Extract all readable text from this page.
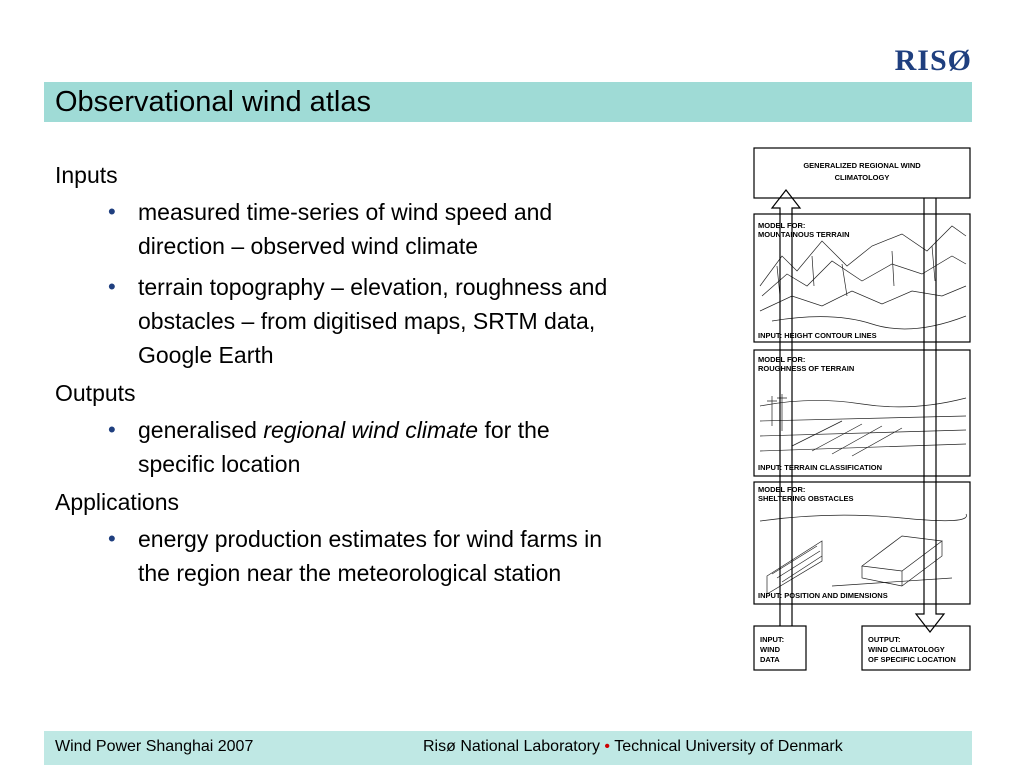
RISØ
Observational wind atlas
Inputs
• measured time-series of wind speed and
direction – observed wind climate
• terrain topography – elevation, roughness and
obstacles – from digitised maps, SRTM data,
Google Earth
Outputs
• generalised regional wind climate for the
specific location
Applications
• energy production estimates for wind farms in
the region near the meteorological station
GENERALIZED REGIONAL WIND
CLIMATOLOGY
MODEL FOR:
MOUNTAINOUS TERRAIN
INPUT: HEIGHT CONTOUR LINES
MODEL FOR:
ROUGHNESS OF TERRAIN
INPUT: TERRAIN CLASSIFICATION
MODEL FOR:
SHELTERING OBSTACLES
INPUT: POSITION AND DIMENSIONS
INPUT:
WIND
DATA
OUTPUT:
WIND CLIMATOLOGY
OF SPECIFIC LOCATION
Wind Power Shanghai 2007	Risø National Laboratory • Technical University of Denmark
